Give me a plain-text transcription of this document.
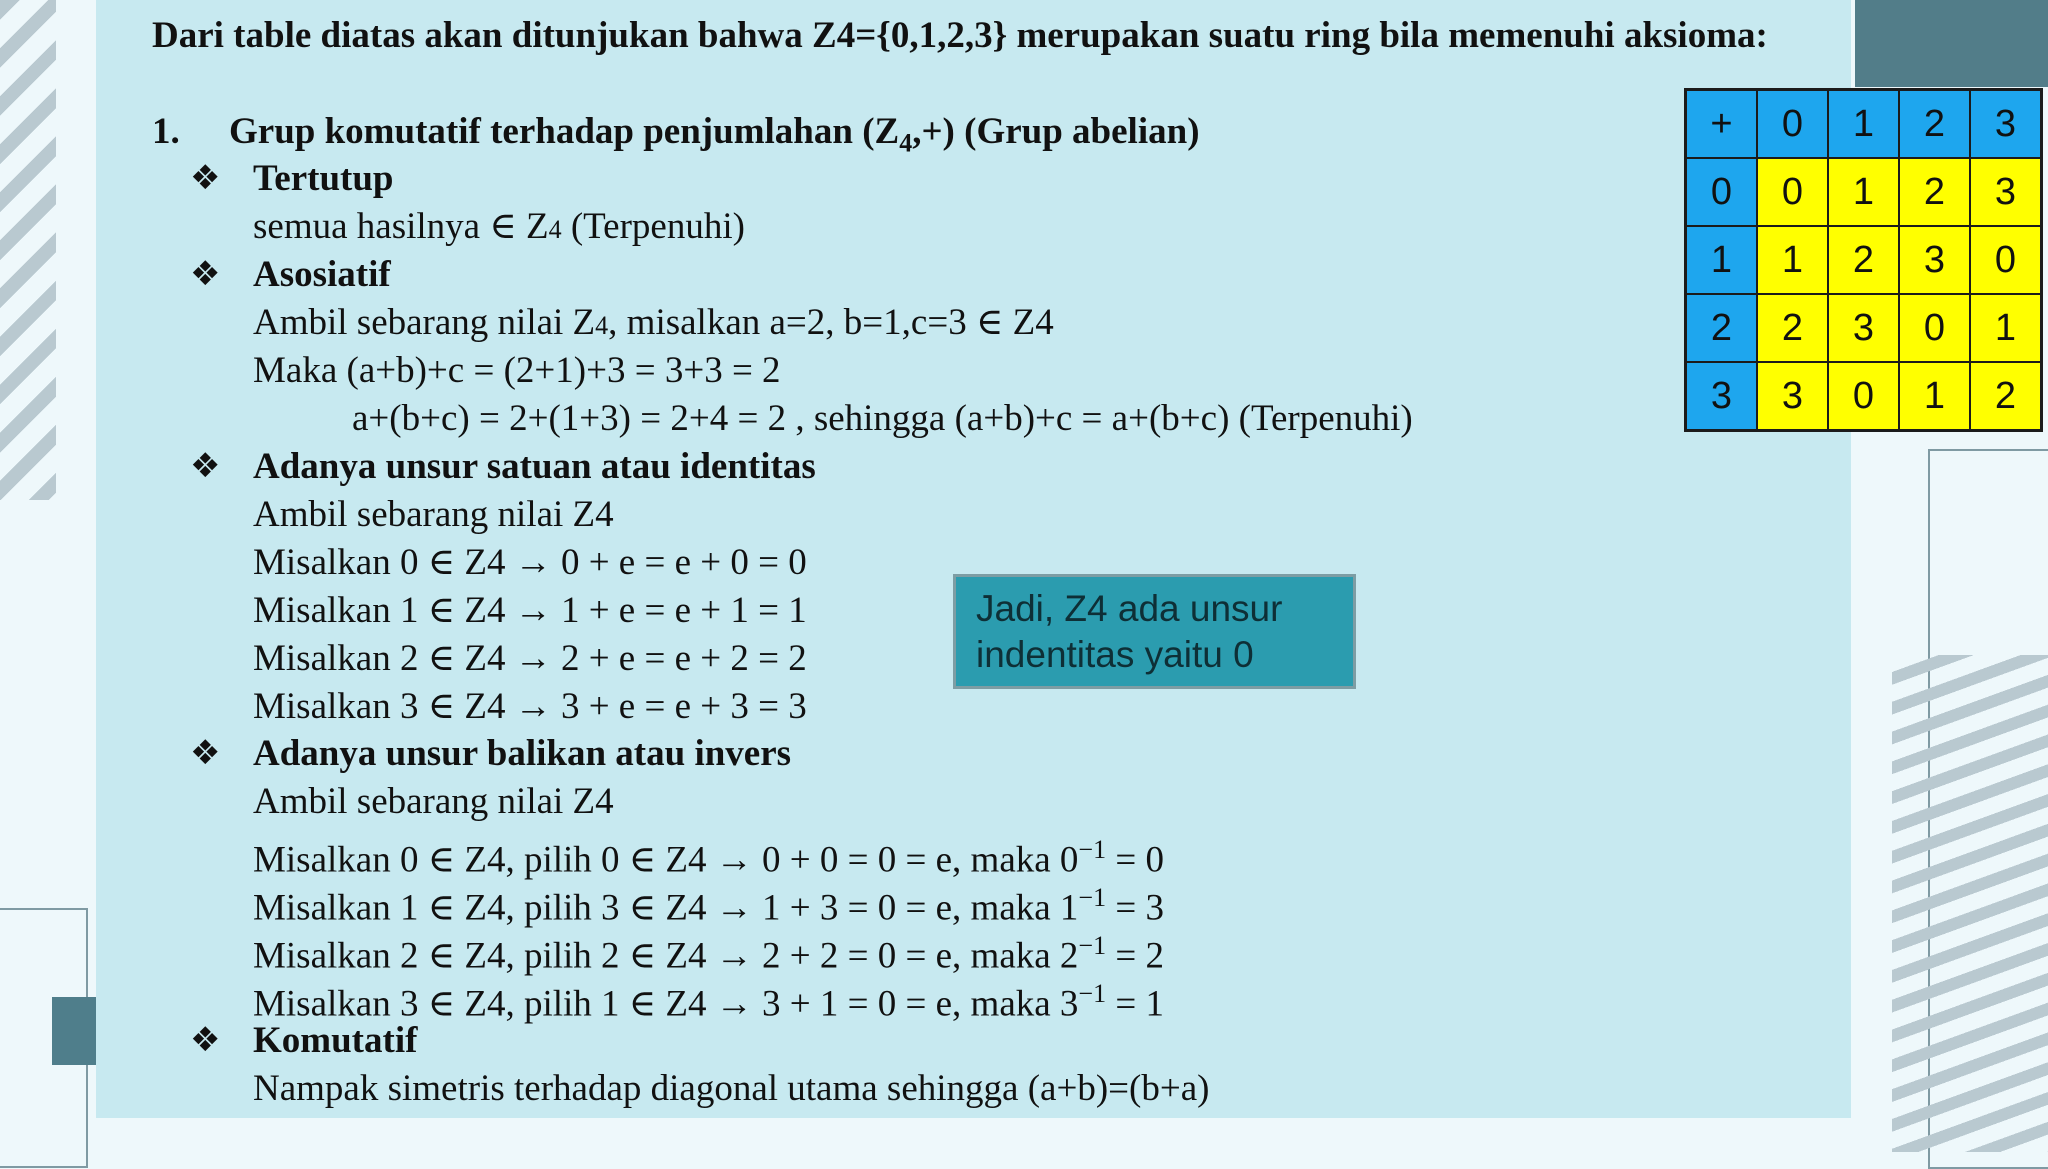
Dari table diatas akan ditunjukan bahwa Z4={0,1,2,3} merupakan suatu ring bila memenuhi aksioma:
1. Grup komutatif terhadap penjumlahan $(Z_4,+)$ (Grup abelian)
❖ Tertutup
semua hasilnya ∈ Z4 (Terpenuhi)
❖ Asosiatif
Ambil sebarang nilai Z4, misalkan a=2, b=1,c=3 ∈ Z4
Maka (a+b)+c = (2+1)+3 = 3+3 = 2
a+(b+c) = 2+(1+3) = 2+4 = 2 , sehingga (a+b)+c = a+(b+c) (Terpenuhi)
❖ Adanya unsur satuan atau identitas
Ambil sebarang nilai Z4
Misalkan 0 ∈ Z4 → 0 + e = e + 0 = 0
Misalkan 1 ∈ Z4 → 1 + e = e + 1 = 1
Misalkan 2 ∈ Z4 → 2 + e = e + 2 = 2
Misalkan 3 ∈ Z4 → 3 + e = e + 3 = 3
❖ Adanya unsur balikan atau invers
Ambil sebarang nilai Z4
Misalkan 0 ∈ Z4, pilih 0 ∈ Z4 → 0 + 0 = 0 = e, maka $0^{-1} = 0$
Misalkan 1 ∈ Z4, pilih 3 ∈ Z4 → 1 + 3 = 0 = e, maka $1^{-1} = 3$
Misalkan 2 ∈ Z4, pilih 2 ∈ Z4 → 2 + 2 = 0 = e, maka $2^{-1} = 2$
Misalkan 3 ∈ Z4, pilih 1 ∈ Z4 → 3 + 1 = 0 = e, maka $3^{-1} = 1$
❖ Komutatif
Nampak simetris terhadap diagonal utama sehingga (a+b)=(b+a)
Jadi, Z4 ada unsur
indentitas yaitu 0
+	0	1	2	3
0	0	1	2	3
1	1	2	3	0
2	2	3	0	1
3	3	0	1	2
